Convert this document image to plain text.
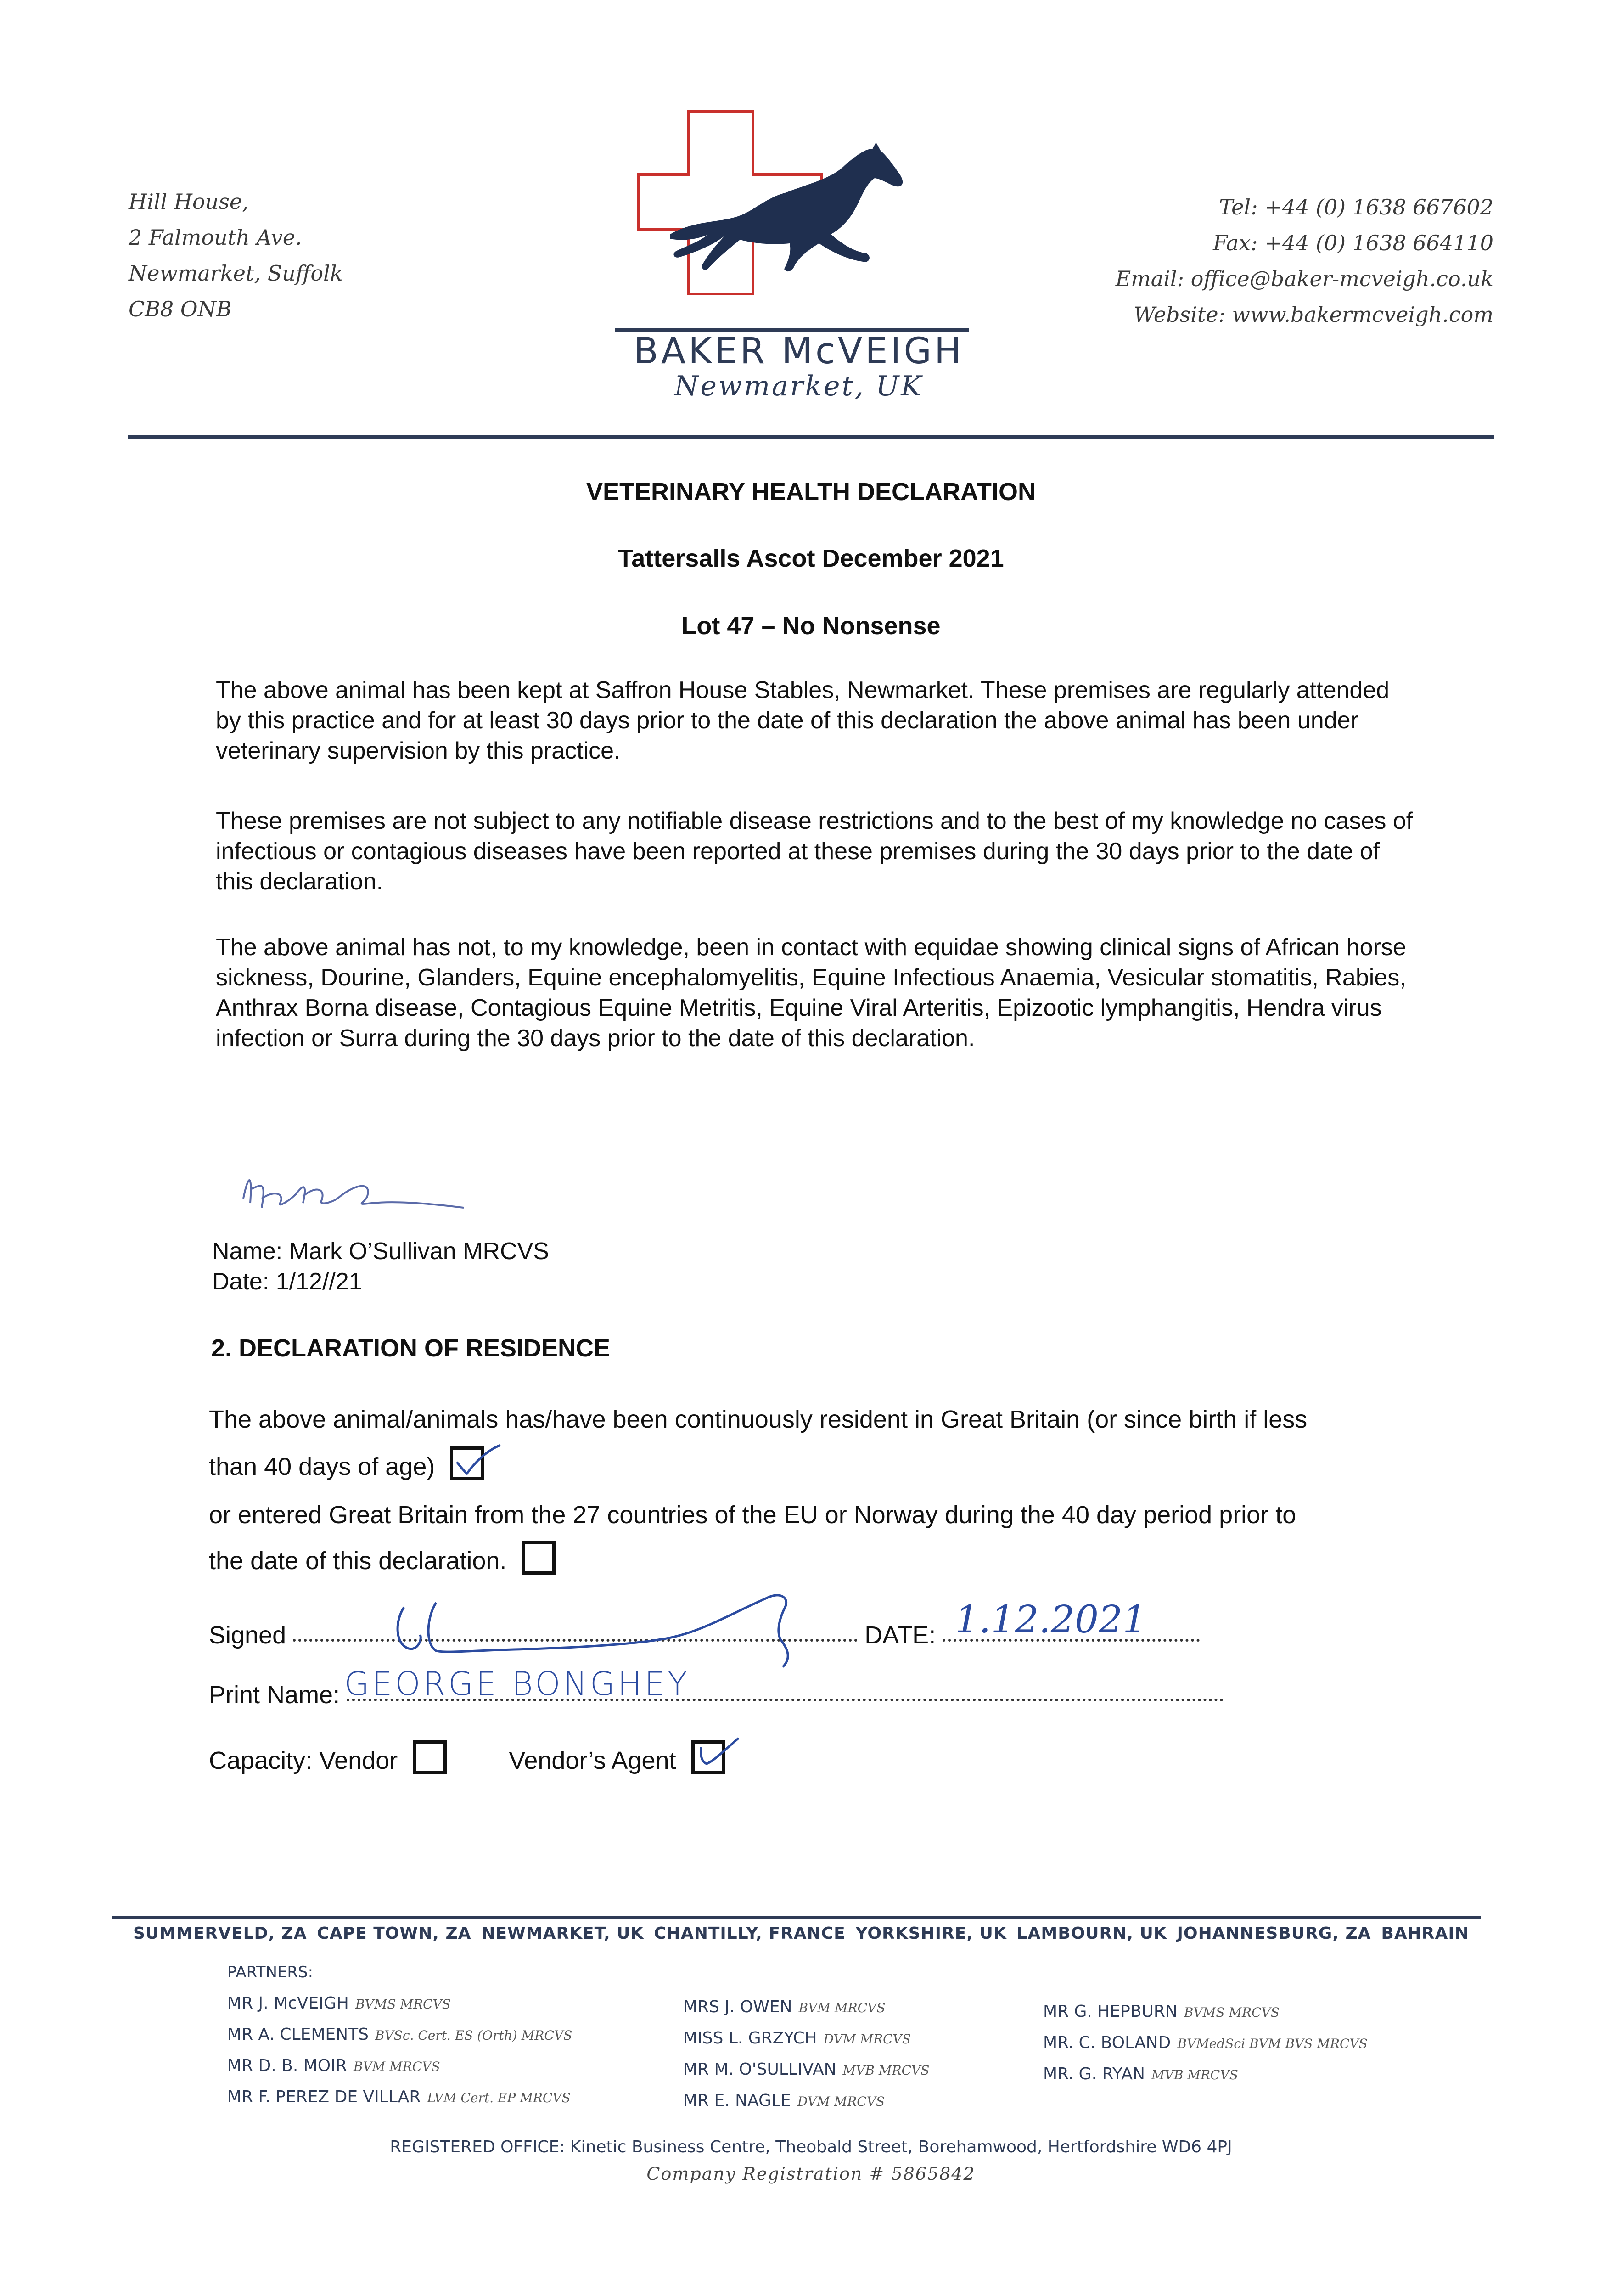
Hill House,
2 Falmouth Ave.
Newmarket, Suffolk
CB8 ONB
BAKER McVEIGH
Newmarket, UK
Tel: +44 (0) 1638 667602
Fax: +44 (0) 1638 664110
Email: office@baker-mcveigh.co.uk
Website: www.bakermcveigh.com
VETERINARY HEALTH DECLARATION
Tattersalls Ascot December 2021
Lot 47 – No Nonsense
The above animal has been kept at Saffron House Stables, Newmarket. These premises are regularly attended by this practice and for at least 30 days prior to the date of this declaration the above animal has been under veterinary supervision by this practice.
These premises are not subject to any notifiable disease restrictions and to the best of my knowledge no cases of infectious or contagious diseases have been reported at these premises during the 30 days prior to the date of this declaration.
The above animal has not, to my knowledge, been in contact with equidae showing clinical signs of African horse sickness, Dourine, Glanders, Equine encephalomyelitis, Equine Infectious Anaemia, Vesicular stomatitis, Rabies, Anthrax Borna disease, Contagious Equine Metritis, Equine Viral Arteritis, Epizootic lymphangitis, Hendra virus infection or Surra during the 30 days prior to the date of this declaration.
Name: Mark O’Sullivan MRCVS
Date: 1/12//21
2. DECLARATION OF RESIDENCE
The above animal/animals has/have been continuously resident in Great Britain (or since birth if less
than 40 days of age)
or entered Great Britain from the 27 countries of the EU or Norway during the 40 day period prior to
the date of this declaration.
Signed	DATE: 1.12.2021
Print Name: GEORGE BONGHEY
Capacity: Vendor	Vendor’s Agent
SUMMERVELD, ZA CAPE TOWN, ZA NEWMARKET, UK CHANTILLY, FRANCE YORKSHIRE, UK LAMBOURN, UK JOHANNESBURG, ZA BAHRAIN
PARTNERS:
MR J. McVEIGH BVMS MRCVS
MR A. CLEMENTS BVSc. Cert. ES (Orth) MRCVS
MR D. B. MOIR BVM MRCVS
MR F. PEREZ DE VILLAR LVM Cert. EP MRCVS
MRS J. OWEN BVM MRCVS
MISS L. GRZYCH DVM MRCVS
MR M. O'SULLIVAN MVB MRCVS
MR E. NAGLE DVM MRCVS
MR G. HEPBURN BVMS MRCVS
MR. C. BOLAND BVMedSci BVM BVS MRCVS
MR. G. RYAN MVB MRCVS
REGISTERED OFFICE: Kinetic Business Centre, Theobald Street, Borehamwood, Hertfordshire WD6 4PJ
Company Registration # 5865842
